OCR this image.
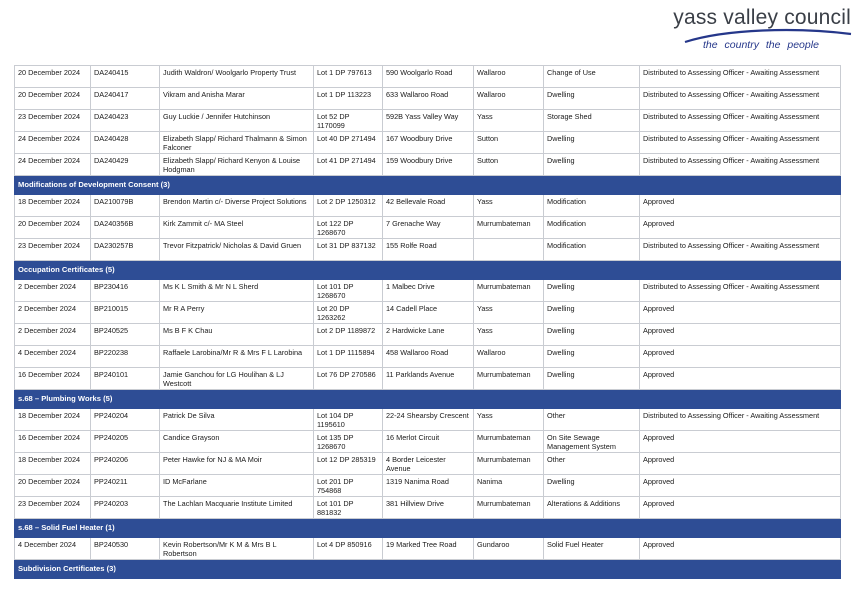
yass valley council
the country the people
20 December 2024	DA240415	Judith Waldron/ Woolgarlo Property Trust	Lot 1 DP 797613	590 Woolgarlo Road	Wallaroo	Change of Use	Distributed to Assessing Officer - Awaiting Assessment
20 December 2024	DA240417	Vikram and Anisha Marar	Lot 1 DP 113223	633 Wallaroo Road	Wallaroo	Dwelling	Distributed to Assessing Officer - Awaiting Assessment
23 December 2024	DA240423	Guy Luckie / Jennifer Hutchinson	Lot 52 DP 1170099	592B Yass Valley Way	Yass	Storage Shed	Distributed to Assessing Officer - Awaiting Assessment
24 December 2024	DA240428	Elizabeth Slapp/ Richard Thalmann & Simon Falconer	Lot 40 DP 271494	167 Woodbury Drive	Sutton	Dwelling	Distributed to Assessing Officer - Awaiting Assessment
24 December 2024	DA240429	Elizabeth Slapp/ Richard Kenyon & Louise Hodgman	Lot 41 DP 271494	159 Woodbury Drive	Sutton	Dwelling	Distributed to Assessing Officer - Awaiting Assessment
Modifications of Development Consent (3)							
18 December 2024	DA210079B	Brendon Martin c/- Diverse Project Solutions	Lot 2 DP 1250312	42 Bellevale Road	Yass	Modification	Approved
20 December 2024	DA240356B	Kirk Zammit c/- MA Steel	Lot 122 DP 1268670	7 Grenache Way	Murrumbateman	Modification	Approved
23 December 2024	DA230257B	Trevor Fitzpatrick/ Nicholas & David Gruen	Lot 31 DP 837132	155 Rolfe Road		Modification	Distributed to Assessing Officer - Awaiting Assessment
Occupation Certificates (5)							
2 December 2024	BP230416	Ms K L Smith & Mr N L Sherd	Lot 101 DP 1268670	1 Malbec Drive	Murrumbateman	Dwelling	Distributed to Assessing Officer - Awaiting Assessment
2 December 2024	BP210015	Mr R A Perry	Lot 20 DP 1263262	14 Cadell Place	Yass	Dwelling	Approved
2 December 2024	BP240525	Ms B F K Chau	Lot 2 DP 1189872	2 Hardwicke Lane	Yass	Dwelling	Approved
4 December 2024	BP220238	Raffaele Larobina/Mr R & Mrs F L Larobina	Lot 1 DP 1115894	458 Wallaroo Road	Wallaroo	Dwelling	Approved
16 December 2024	BP240101	Jamie Ganchou for LG Houlihan & LJ Westcott	Lot 76 DP 270586	11 Parklands Avenue	Murrumbateman	Dwelling	Approved
s.68 – Plumbing Works (5)							
18 December 2024	PP240204	Patrick De Silva	Lot 104 DP 1195610	22-24 Shearsby Crescent	Yass	Other	Distributed to Assessing Officer - Awaiting Assessment
16 December 2024	PP240205	Candice Grayson	Lot 135 DP 1268670	16 Merlot Circuit	Murrumbateman	On Site Sewage Management System	Approved
18 December 2024	PP240206	Peter Hawke for NJ & MA Moir	Lot 12 DP 285319	4 Border Leicester Avenue	Murrumbateman	Other	Approved
20 December 2024	PP240211	ID McFarlane	Lot 201 DP 754868	1319 Nanima Road	Nanima	Dwelling	Approved
23 December 2024	PP240203	The Lachlan Macquarie Institute Limited	Lot 101 DP 881832	381 Hillview Drive	Murrumbateman	Alterations & Additions	Approved
s.68 – Solid Fuel Heater (1)							
4 December 2024	BP240530	Kevin Robertson/Mr K M & Mrs B L Robertson	Lot 4 DP 850916	19 Marked Tree Road	Gundaroo	Solid Fuel Heater	Approved
Subdivision Certificates (3)							
